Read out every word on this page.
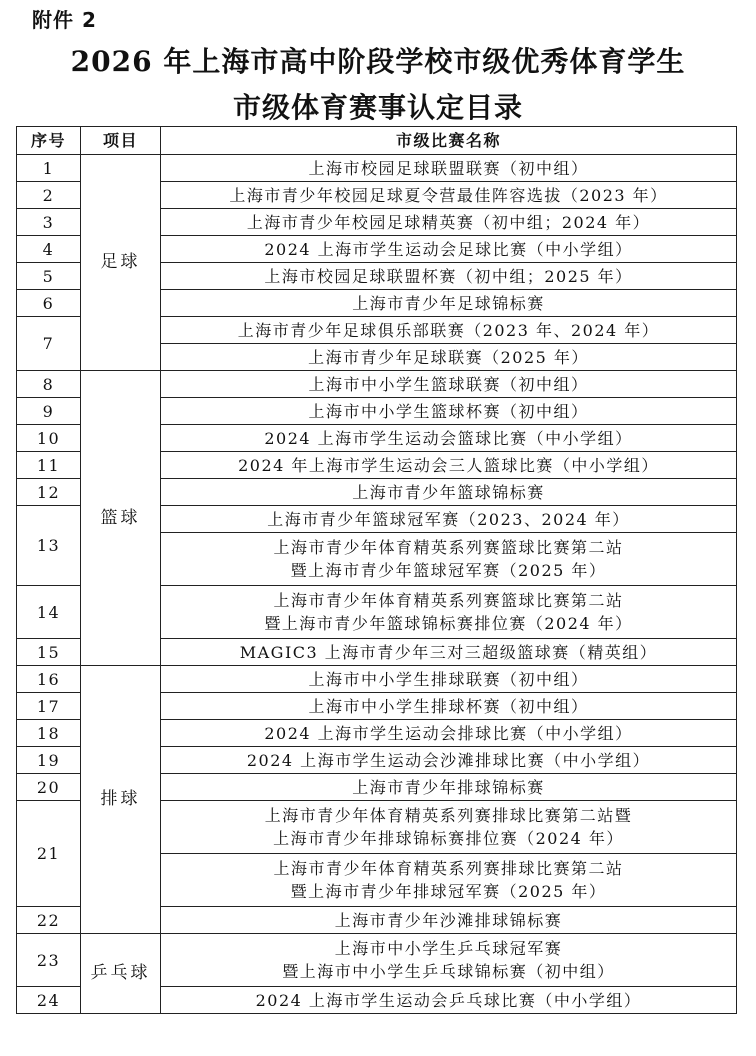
附件 2
2026 年上海市高中阶段学校市级优秀体育学生
市级体育赛事认定目录
序号	项目	市级比赛名称
1	足球	上海市校园足球联盟联赛（初中组）
2		上海市青少年校园足球夏令营最佳阵容选拔（2023 年）
3		上海市青少年校园足球精英赛（初中组；2024 年）
4		2024 上海市学生运动会足球比赛（中小学组）
5		上海市校园足球联盟杯赛（初中组；2025 年）
6		上海市青少年足球锦标赛
7		上海市青少年足球俱乐部联赛（2023 年、2024 年）
		上海市青少年足球联赛（2025 年）
8	篮球	上海市中小学生篮球联赛（初中组）
9		上海市中小学生篮球杯赛（初中组）
10		2024 上海市学生运动会篮球比赛（中小学组）
11		2024 年上海市学生运动会三人篮球比赛（中小学组）
12		上海市青少年篮球锦标赛
13		上海市青少年篮球冠军赛（2023、2024 年）

		上海市青少年体育精英系列赛篮球比赛第二站
暨上海市青少年篮球冠军赛（2025 年）

14		上海市青少年体育精英系列赛篮球比赛第二站
暨上海市青少年篮球锦标赛排位赛（2024 年）

15		MAGIC3 上海市青少年三对三超级篮球赛（精英组）
16	排球	上海市中小学生排球联赛（初中组）
17		上海市中小学生排球杯赛（初中组）
18		2024 上海市学生运动会排球比赛（中小学组）
19		2024 上海市学生运动会沙滩排球比赛（中小学组）
20		上海市青少年排球锦标赛
21		上海市青少年体育精英系列赛排球比赛第二站暨
上海市青少年排球锦标赛排位赛（2024 年）

		上海市青少年体育精英系列赛排球比赛第二站
暨上海市青少年排球冠军赛（2025 年）

22		上海市青少年沙滩排球锦标赛
23	乒乓球	上海市中小学生乒乓球冠军赛
暨上海市中小学生乒乓球锦标赛（初中组）

24		2024 上海市学生运动会乒乓球比赛（中小学组）
